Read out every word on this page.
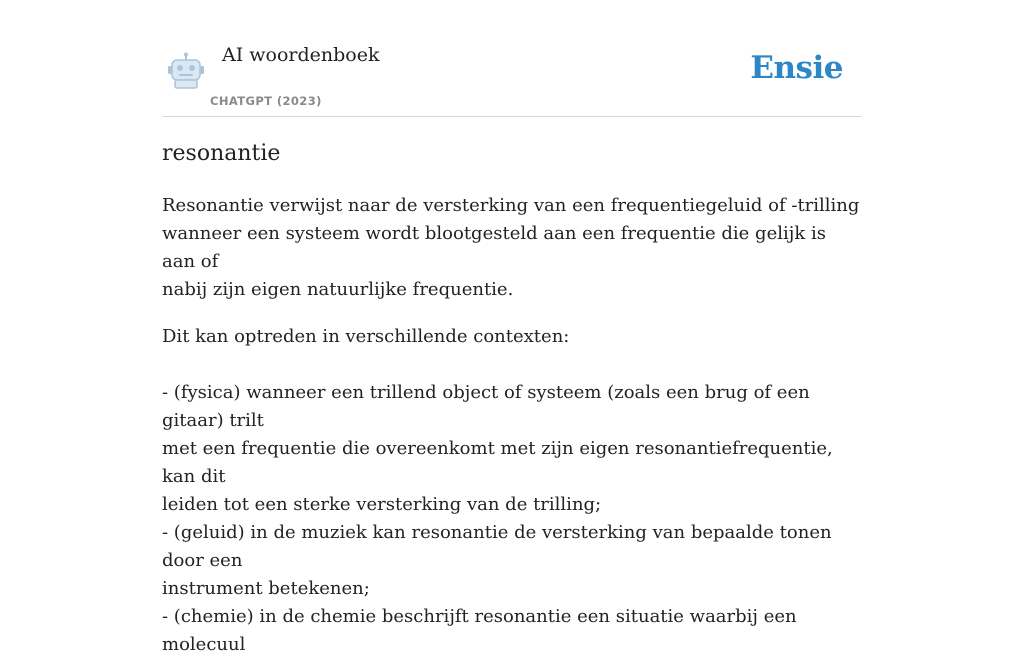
AI woordenboek
CHATGPT (2023)
Ensie
resonantie

Resonantie verwijst naar de versterking van een frequentiegeluid of -trilling
wanneer een systeem wordt blootgesteld aan een frequentie die gelijk is aan of
nabij zijn eigen natuurlijke frequentie.

Dit kan optreden in verschillende contexten:

- (fysica) wanneer een trillend object of systeem (zoals een brug of een gitaar) trilt
met een frequentie die overeenkomt met zijn eigen resonantiefrequentie, kan dit
leiden tot een sterke versterking van de trilling;
- (geluid) in de muziek kan resonantie de versterking van bepaalde tonen door een
instrument betekenen;
- (chemie) in de chemie beschrijft resonantie een situatie waarbij een molecuul
